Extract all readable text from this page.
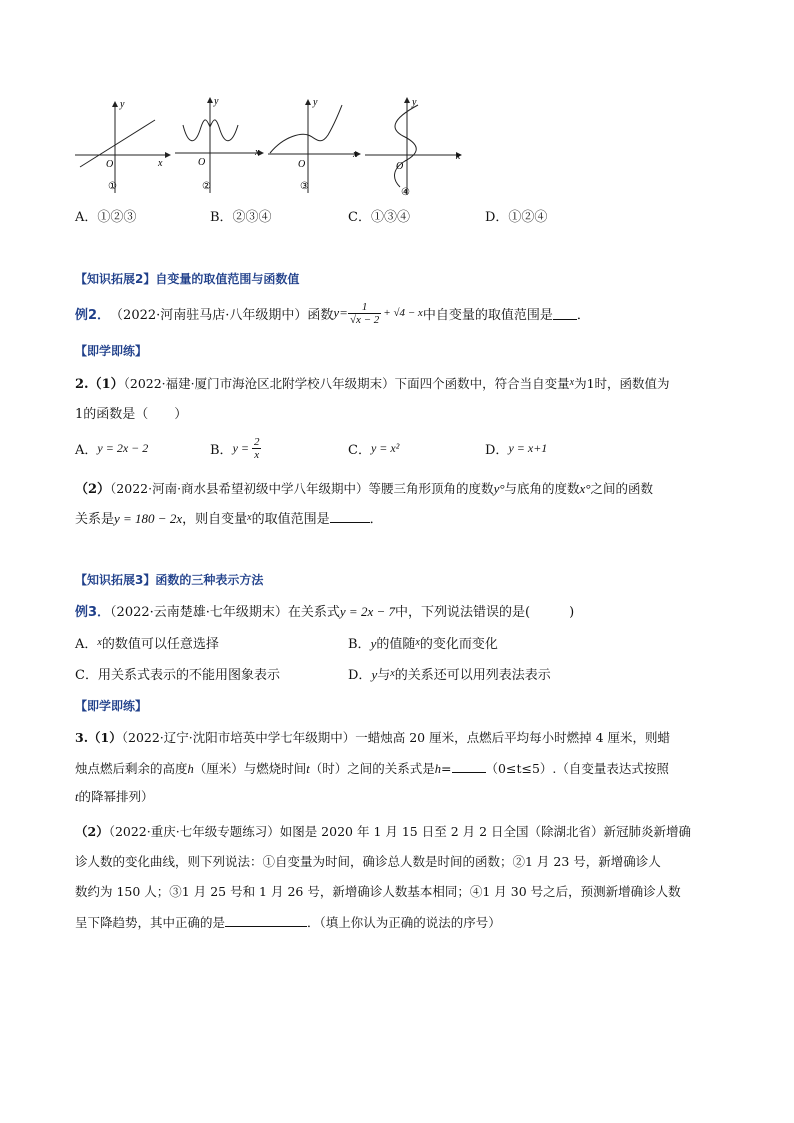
y
x
O
①
y
x
O
②
y
x
O
③
y
x
O
④
A．①②③	B．②③④	C．①③④	D．①②④
【知识拓展2】自变量的取值范围与函数值
例2． （2022·河南驻马店·八年级期中）函数 $y= \frac{1}{√x - 2} + √4 - x$ 中自变量的取值范围是 ．
【即学即练】
2.（1）（2022·福建·厦门市海沧区北附学校八年级期末）下面四个函数中，符合当自变量$^x$为1时，函数值为
1的函数是（　　）
A． y = 2x − 2	B． $y = \frac{2}{x}$	C． y = x²	D． y = x+1
（2）（2022·河南·商水县希望初级中学八年级期中）等腰三角形顶角的度数y°与底角的度数x°之间的函数
关系是y = 180 − 2x，则自变量$^x$的取值范围是	．
【知识拓展3】函数的三种表示方法
例3．（2022·云南楚雄·七年级期末）在关系式y = 2x − 7中，下列说法错误的是(　　　)
A．$^x$的数值可以任意选择	B．y的值随$^x$的变化而变化
C．用关系式表示的不能用图象表示	D．y与$^x$的关系还可以用列表法表示
【即学即练】
3.（1）（2022·辽宁·沈阳市培英中学七年级期中）一蜡烛高 20 厘米，点燃后平均每小时燃掉 4 厘米，则蜡
烛点燃后剩余的高度h（厘米）与燃烧时间t（时）之间的关系式是h=	（0≤t≤5）.（自变量表达式按照
t的降幂排列）
（2）（2022·重庆·七年级专题练习）如图是 2020 年 1 月 15 日至 2 月 2 日全国（除湖北省）新冠肺炎新增确
诊人数的变化曲线，则下列说法：①自变量为时间，确诊总人数是时间的函数；②1 月 23 号，新增确诊人
数约为 150 人；③1 月 25 号和 1 月 26 号，新增确诊人数基本相同；④1 月 30 号之后，预测新增确诊人数
呈下降趋势，其中正确的是	．（填上你认为正确的说法的序号）
